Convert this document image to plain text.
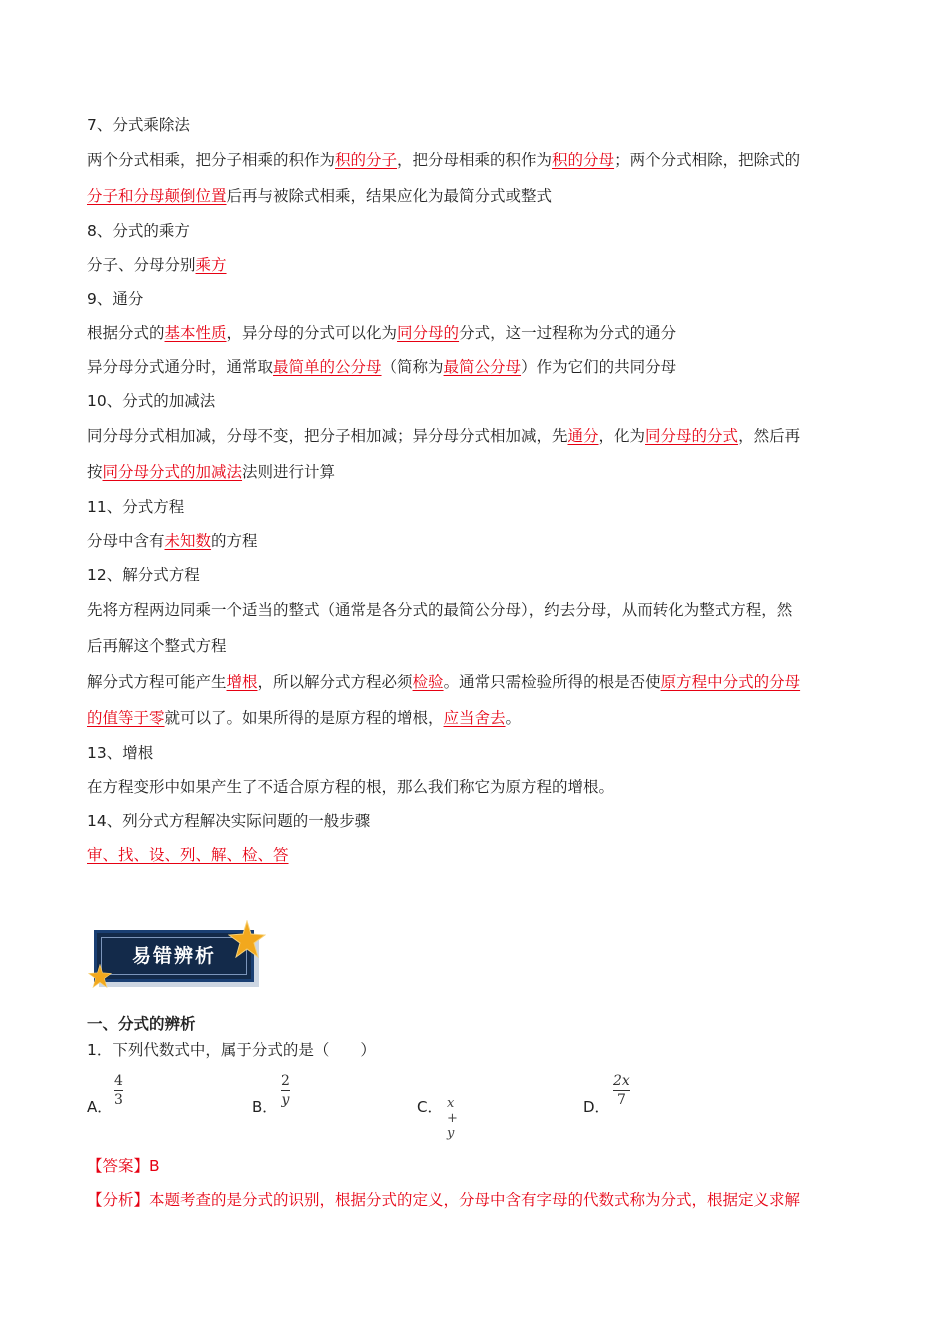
7、分式乘除法
两个分式相乘，把分子相乘的积作为积的分子，把分母相乘的积作为积的分母；两个分式相除，把除式的
分子和分母颠倒位置后再与被除式相乘，结果应化为最简分式或整式
8、分式的乘方
分子、分母分别乘方
9、通分
根据分式的基本性质，异分母的分式可以化为同分母的分式，这一过程称为分式的通分
异分母分式通分时，通常取最简单的公分母（简称为最简公分母）作为它们的共同分母
10、分式的加减法
同分母分式相加减，分母不变，把分子相加减；异分母分式相加减，先通分，化为同分母的分式，然后再
按同分母分式的加减法法则进行计算
11、分式方程
分母中含有未知数的方程
12、解分式方程
先将方程两边同乘一个适当的整式（通常是各分式的最简公分母），约去分母，从而转化为整式方程，然
后再解这个整式方程
解分式方程可能产生增根，所以解分式方程必须检验。通常只需检验所得的根是否使原方程中分式的分母
的值等于零就可以了。如果所得的是原方程的增根，应当舍去。
13、增根
在方程变形中如果产生了不适合原方程的根，那么我们称它为原方程的增根。
14、列分式方程解决实际问题的一般步骤
审、找、设、列、解、检、答
易错辨析
一、分式的辨析
1．下列代数式中，属于分式的是（　　）
A．
4
3	B．
2
y	C． x + y
D．
2x
7
【答案】B
【分析】本题考查的是分式的识别，根据分式的定义，分母中含有字母的代数式称为分式，根据定义求解
